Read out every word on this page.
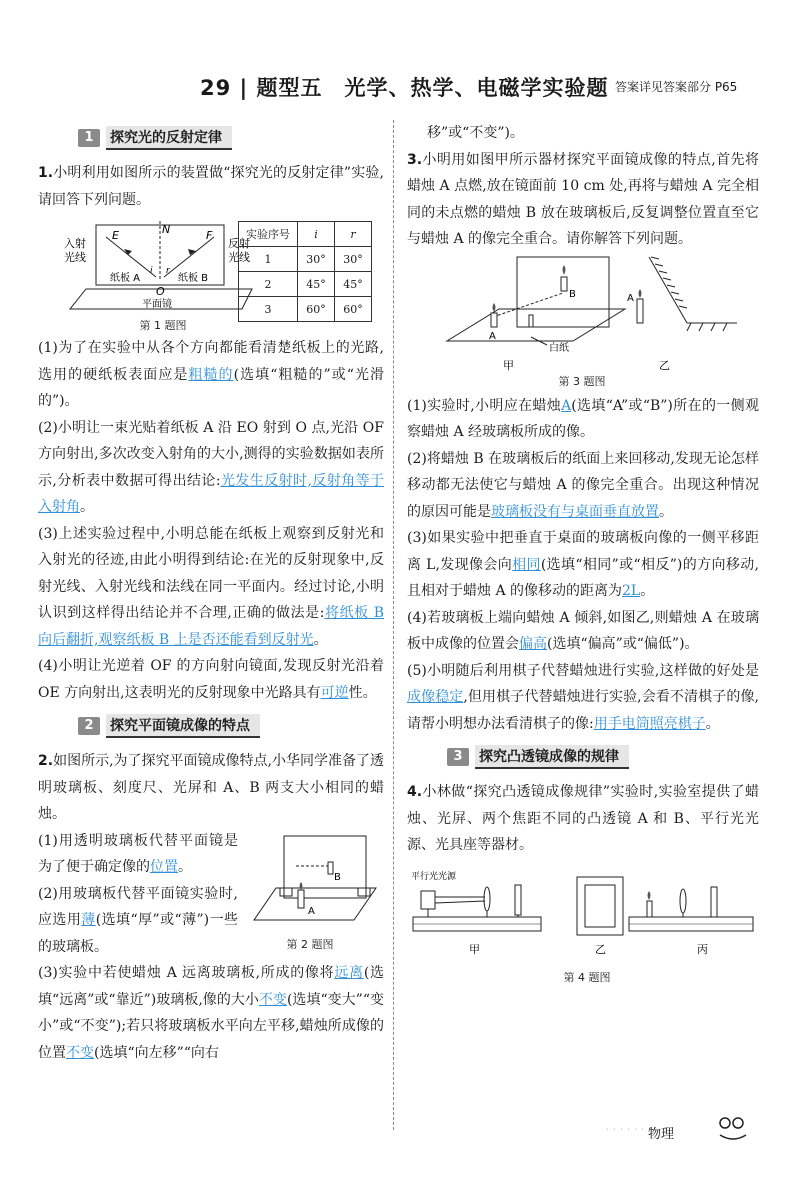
29 | 题型五　光学、热学、电磁学实验题 答案详见答案部分 P65
1	探究光的反射定律

1.小明利用如图所示的装置做“探究光的反射定律”实验,请回答下列问题。

N
E	F
i r
O
入射
光线
反射
光线
纸板 A	纸板 B
平面镜
第 1 题图
实验序号	i	r
1	30°	30°
2	45°	45°
3	60°	60°

(1)为了在实验中从各个方向都能看清楚纸板上的光路,选用的硬纸板表面应是粗糙的(选填“粗糙的”或“光滑的”)。

(2)小明让一束光贴着纸板 A 沿 EO 射到 O 点,光沿 OF 方向射出,多次改变入射角的大小,测得的实验数据如表所示,分析表中数据可得出结论:光发生反射时,反射角等于入射角。

(3)上述实验过程中,小明总能在纸板上观察到反射光和入射光的径迹,由此小明得到结论:在光的反射现象中,反射光线、入射光线和法线在同一平面内。经过讨论,小明认识到这样得出结论并不合理,正确的做法是:将纸板 B 向后翻折,观察纸板 B 上是否还能看到反射光。

(4)小明让光逆着 OF 的方向射向镜面,发现反射光沿着 OE 方向射出,这表明光的反射现象中光路具有可逆性。

2	探究平面镜成像的特点

2.如图所示,为了探究平面镜成像特点,小华同学准备了透明玻璃板、刻度尺、光屏和 A、B 两支大小相同的蜡烛。

(1)用透明玻璃板代替平面镜是为了便于确定像的位置。

(2)用玻璃板代替平面镜实验时,应选用薄(选填“厚”或“薄”)一些的玻璃板。

B
A
第 2 题图

(3)实验中若使蜡烛 A 远离玻璃板,所成的像将远离(选填“远离”或“靠近”)玻璃板,像的大小不变(选填“变大”“变小”或“不变”);若只将玻璃板水平向左平移,蜡烛所成像的位置不变(选填“向左移”“向右

移”或“不变”)。

3.小明用如图甲所示器材探究平面镜成像的特点,首先将蜡烛 A 点燃,放在镜面前 10 cm 处,再将与蜡烛 A 完全相同的未点燃的蜡烛 B 放在玻璃板后,反复调整位置直至它与蜡烛 A 的像完全重合。请你解答下列问题。

B
A
白纸
甲
A
乙
第 3 题图

(1)实验时,小明应在蜡烛A(选填“A”或“B”)所在的一侧观察蜡烛 A 经玻璃板所成的像。

(2)将蜡烛 B 在玻璃板后的纸面上来回移动,发现无论怎样移动都无法使它与蜡烛 A 的像完全重合。出现这种情况的原因可能是玻璃板没有与桌面垂直放置。

(3)如果实验中把垂直于桌面的玻璃板向像的一侧平移距离 L,发现像会向相同(选填“相同”或“相反”)的方向移动,且相对于蜡烛 A 的像移动的距离为2L。

(4)若玻璃板上端向蜡烛 A 倾斜,如图乙,则蜡烛 A 在玻璃板中成像的位置会偏高(选填“偏高”或“偏低”)。

(5)小明随后利用棋子代替蜡烛进行实验,这样做的好处是成像稳定,但用棋子代替蜡烛进行实验,会看不清棋子的像,请帮小明想办法看清棋子的像:用手电筒照亮棋子。

3	探究凸透镜成像的规律

4.小林做“探究凸透镜成像规律”实验时,实验室提供了蜡烛、光屏、两个焦距不同的凸透镜 A 和 B、平行光光源、光具座等器材。

平行光光源
甲	乙	丙
第 4 题图
· · · · · · 物理
